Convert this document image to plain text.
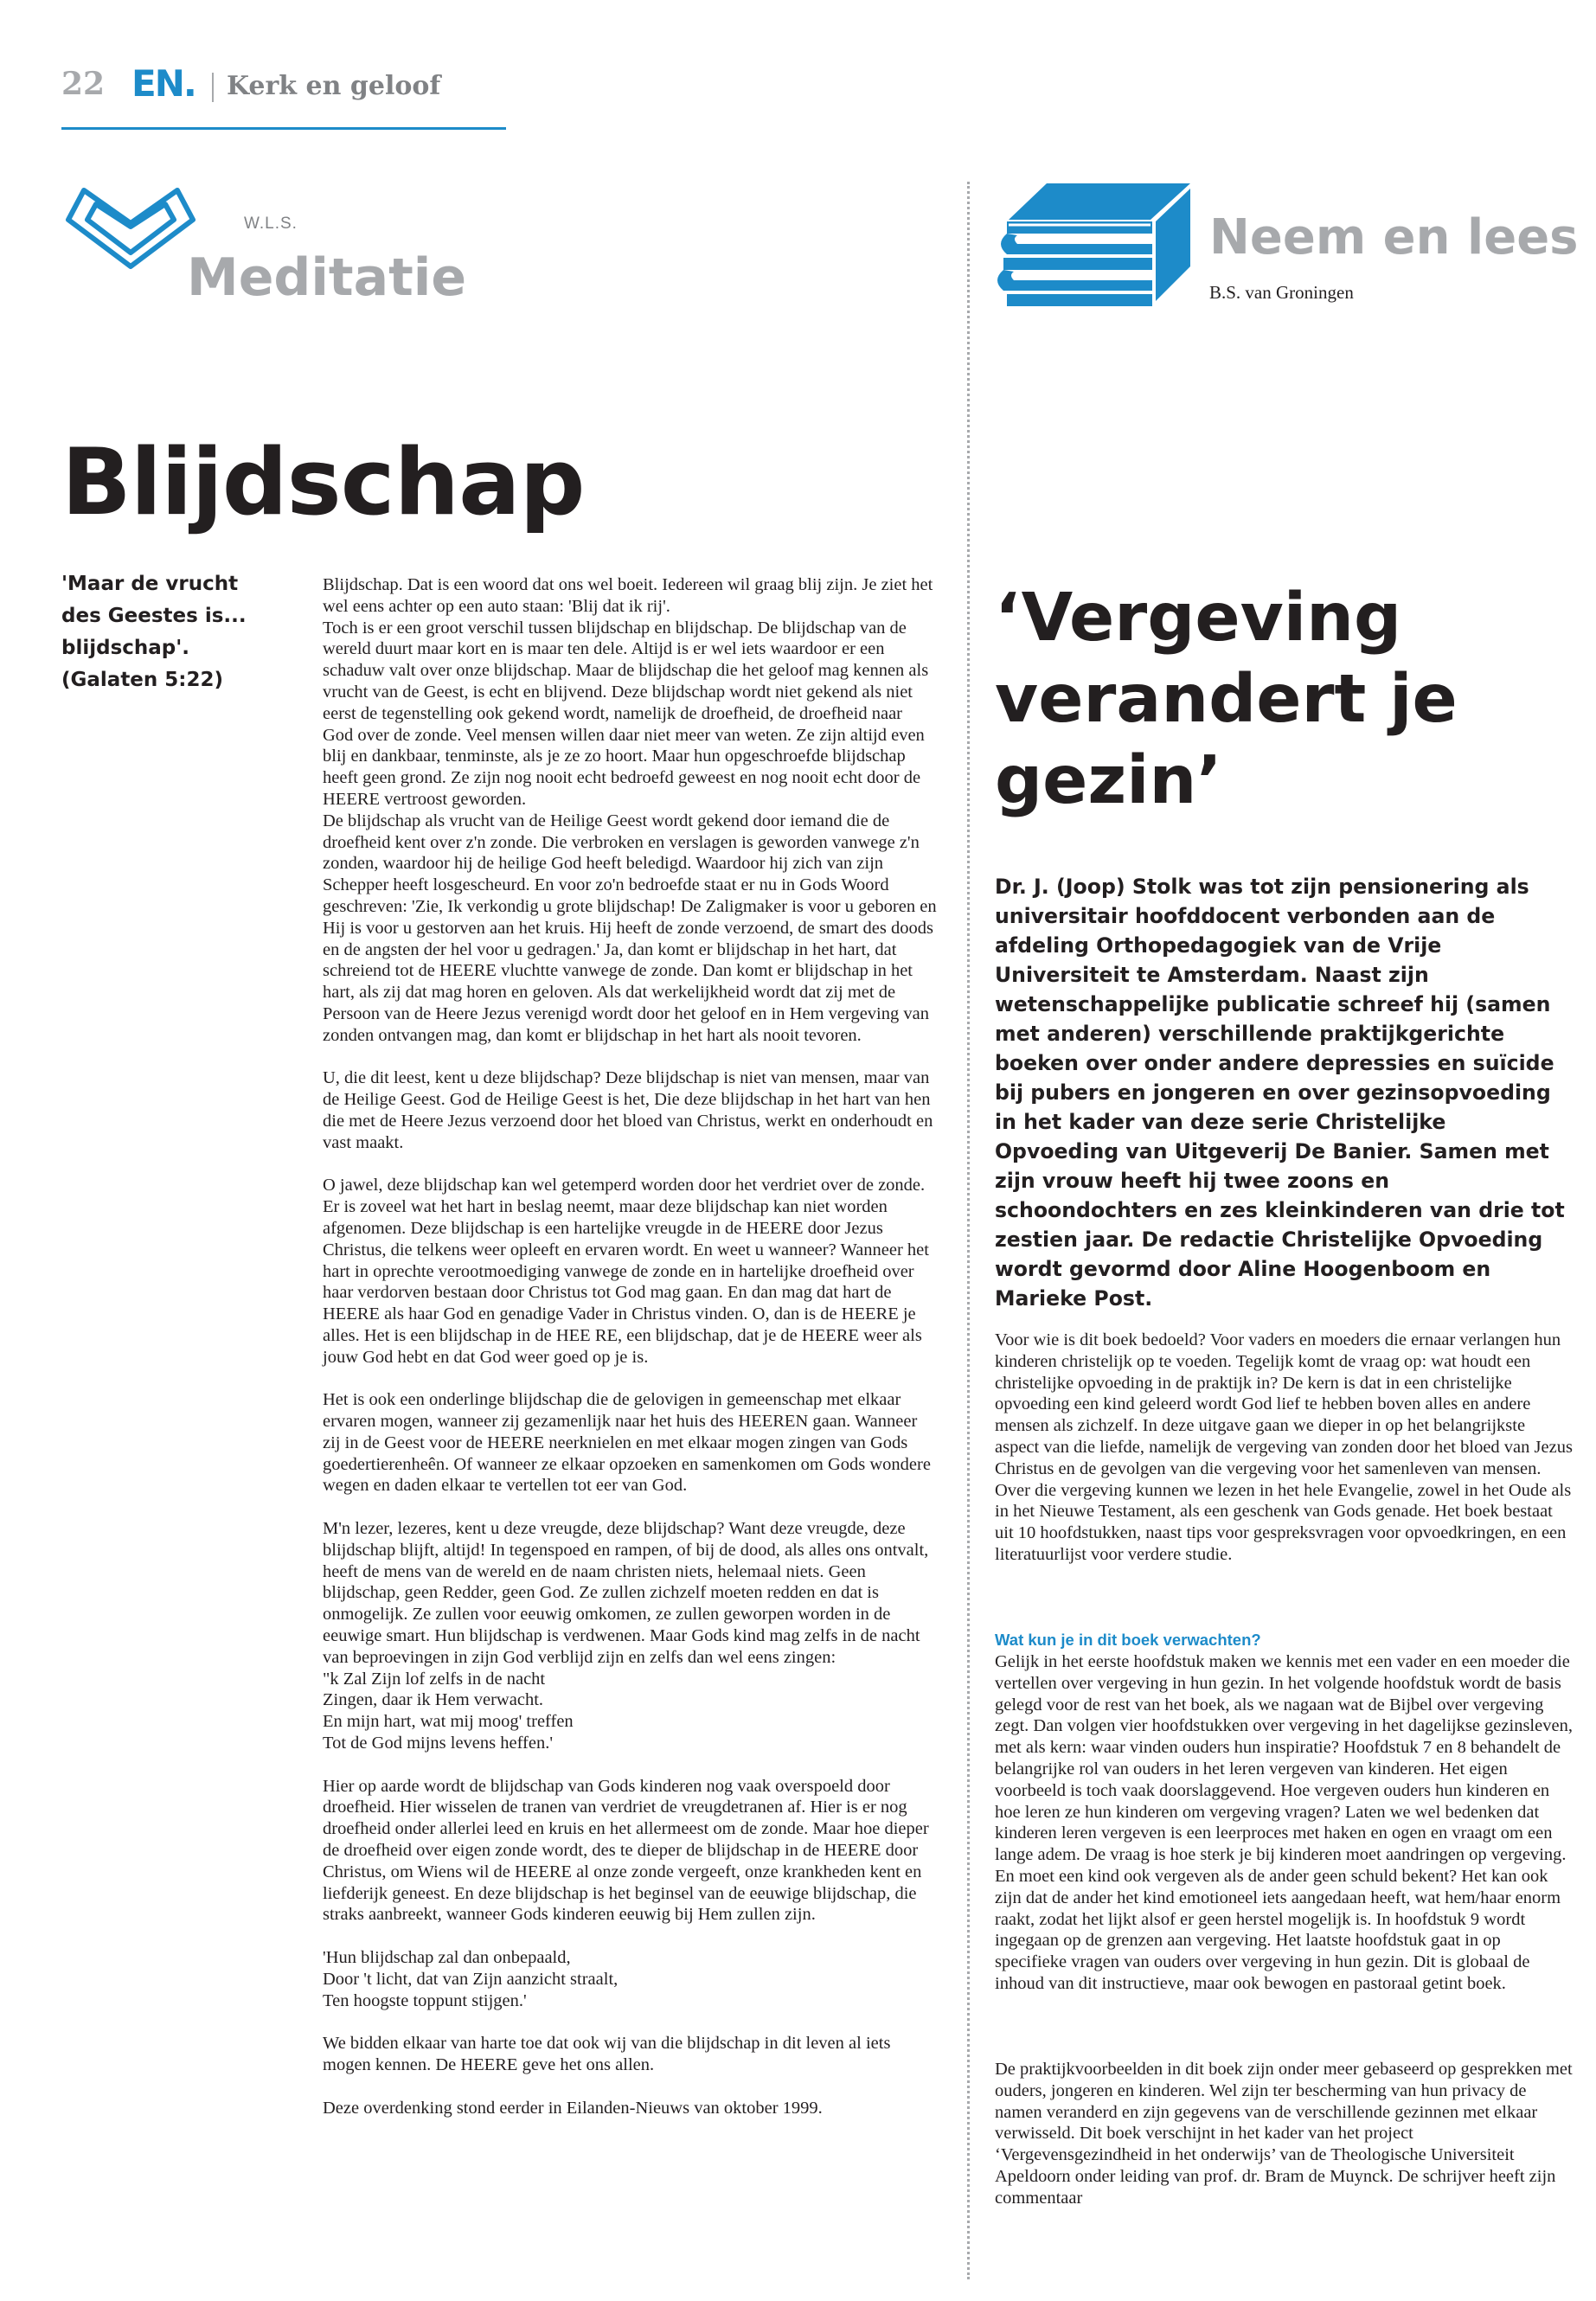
22 EN. Kerk en geloof
W.L.S.
Meditatie
Blijdschap
'Maar de vrucht des Geestes is... blijdschap'. (Galaten 5:22)

Blijdschap. Dat is een woord dat ons wel boeit. Iedereen wil graag blij zijn. Je ziet het wel eens achter op een auto staan: 'Blij dat ik rij'.
Toch is er een groot verschil tussen blijdschap en blijdschap. De blijdschap van de wereld duurt maar kort en is maar ten dele. Altijd is er wel iets waardoor er een schaduw valt over onze blijdschap. Maar de blijdschap die het geloof mag kennen als vrucht van de Geest, is echt en blijvend. Deze blijdschap wordt niet gekend als niet eerst de tegenstelling ook gekend wordt, namelijk de droefheid, de droefheid naar God over de zonde. Veel mensen willen daar niet meer van weten. Ze zijn altijd even blij en dankbaar, tenminste, als je ze zo hoort. Maar hun opgeschroefde blijdschap heeft geen grond. Ze zijn nog nooit echt bedroefd geweest en nog nooit echt door de HEERE vertroost geworden.
De blijdschap als vrucht van de Heilige Geest wordt gekend door iemand die de droefheid kent over z'n zonde. Die verbroken en verslagen is geworden vanwege z'n zonden, waardoor hij de heilige God heeft beledigd. Waardoor hij zich van zijn Schepper heeft losgescheurd. En voor zo'n bedroefde staat er nu in Gods Woord geschreven: 'Zie, Ik verkondig u grote blijdschap! De Zaligmaker is voor u geboren en Hij is voor u gestorven aan het kruis. Hij heeft de zonde verzoend, de smart des doods en de angsten der hel voor u gedragen.' Ja, dan komt er blijdschap in het hart, dat schreiend tot de HEERE vluchtte vanwege de zonde. Dan komt er blijdschap in het hart, als zij dat mag horen en geloven. Als dat werkelijkheid wordt dat zij met de Persoon van de Heere Jezus verenigd wordt door het geloof en in Hem vergeving van zonden ontvangen mag, dan komt er blijdschap in het hart als nooit tevoren.

U, die dit leest, kent u deze blijdschap? Deze blijdschap is niet van mensen, maar van de Heilige Geest. God de Heilige Geest is het, Die deze blijdschap in het hart van hen die met de Heere Jezus verzoend door het bloed van Christus, werkt en onderhoudt en vast maakt.

O jawel, deze blijdschap kan wel getemperd worden door het verdriet over de zonde. Er is zoveel wat het hart in beslag neemt, maar deze blijdschap kan niet worden afgenomen. Deze blijdschap is een hartelijke vreugde in de HEERE door Jezus Christus, die telkens weer opleeft en ervaren wordt. En weet u wanneer? Wanneer het hart in oprechte verootmoediging vanwege de zonde en in hartelijke droefheid over haar verdorven bestaan door Christus tot God mag gaan. En dan mag dat hart de HEERE als haar God en genadige Vader in Christus vinden. O, dan is de HEERE je alles. Het is een blijdschap in de HEE RE, een blijdschap, dat je de HEERE weer als jouw God hebt en dat God weer goed op je is.

Het is ook een onderlinge blijdschap die de gelovigen in gemeenschap met elkaar ervaren mogen, wanneer zij gezamenlijk naar het huis des HEEREN gaan. Wanneer zij in de Geest voor de HEERE neerknielen en met elkaar mogen zingen van Gods goedertierenheên. Of wanneer ze elkaar opzoeken en samenkomen om Gods wondere wegen en daden elkaar te vertellen tot eer van God.

M'n lezer, lezeres, kent u deze vreugde, deze blijdschap? Want deze vreugde, deze blijdschap blijft, altijd! In tegenspoed en rampen, of bij de dood, als alles ons ontvalt, heeft de mens van de wereld en de naam christen niets, helemaal niets. Geen blijdschap, geen Redder, geen God. Ze zullen zichzelf moeten redden en dat is onmogelijk. Ze zullen voor eeuwig omkomen, ze zullen geworpen worden in de eeuwige smart. Hun blijdschap is verdwenen. Maar Gods kind mag zelfs in de nacht van beproevingen in zijn God verblijd zijn en zelfs dan wel eens zingen:
"k Zal Zijn lof zelfs in de nacht
Zingen, daar ik Hem verwacht.
En mijn hart, wat mij moog' treffen
Tot de God mijns levens heffen.'

Hier op aarde wordt de blijdschap van Gods kinderen nog vaak overspoeld door droefheid. Hier wisselen de tranen van verdriet de vreugdetranen af. Hier is er nog droefheid onder allerlei leed en kruis en het allermeest om de zonde. Maar hoe dieper de droefheid over eigen zonde wordt, des te dieper de blijdschap in de HEERE door Christus, om Wiens wil de HEERE al onze zonde vergeeft, onze krankheden kent en liefderijk geneest. En deze blijdschap is het beginsel van de eeuwige blijdschap, die straks aanbreekt, wanneer Gods kinderen eeuwig bij Hem zullen zijn.

'Hun blijdschap zal dan onbepaald,
Door 't licht, dat van Zijn aanzicht straalt,
Ten hoogste toppunt stijgen.'

We bidden elkaar van harte toe dat ook wij van die blijdschap in dit leven al iets mogen kennen. De HEERE geve het ons allen.

Deze overdenking stond eerder in Eilanden-Nieuws van oktober 1999.

Neem en lees
B.S. van Groningen
‘Vergeving verandert je gezin’
Dr. J. (Joop) Stolk was tot zijn pensionering als universitair hoofddocent verbonden aan de afdeling Orthopedagogiek van de Vrije Universiteit te Amsterdam. Naast zijn wetenschappelijke publicatie schreef hij (samen met anderen) verschillende praktijkgerichte boeken over onder andere depressies en suïcide bij pubers en jongeren en over gezinsopvoeding in het kader van deze serie Christelijke Opvoeding van Uitgeverij De Banier. Samen met zijn vrouw heeft hij twee zoons en schoondochters en zes kleinkinderen van drie tot zestien jaar. De redactie Christelijke Opvoeding wordt gevormd door Aline Hoogenboom en Marieke Post.

Voor wie is dit boek bedoeld? Voor vaders en moeders die ernaar verlangen hun kinderen christelijk op te voeden. Tegelijk komt de vraag op: wat houdt een christelijke opvoeding in de praktijk in? De kern is dat in een christelijke opvoeding een kind geleerd wordt God lief te hebben boven alles en andere mensen als zichzelf. In deze uitgave gaan we dieper in op het belangrijkste aspect van die liefde, namelijk de vergeving van zonden door het bloed van Jezus Christus en de gevolgen van die vergeving voor het samenleven van mensen. Over die vergeving kunnen we lezen in het hele Evangelie, zowel in het Oude als in het Nieuwe Testament, als een geschenk van Gods genade. Het boek bestaat uit 10 hoofdstukken, naast tips voor gespreksvragen voor opvoedkringen, en een literatuurlijst voor verdere studie.

Wat kun je in dit boek verwachten?

Gelijk in het eerste hoofdstuk maken we kennis met een vader en een moeder die vertellen over vergeving in hun gezin. In het volgende hoofdstuk wordt de basis gelegd voor de rest van het boek, als we nagaan wat de Bijbel over vergeving zegt. Dan volgen vier hoofdstukken over vergeving in het dagelijkse gezinsleven, met als kern: waar vinden ouders hun inspiratie? Hoofdstuk 7 en 8 behandelt de belangrijke rol van ouders in het leren vergeven van kinderen. Het eigen voorbeeld is toch vaak doorslaggevend. Hoe vergeven ouders hun kinderen en hoe leren ze hun kinderen om vergeving vragen? Laten we wel bedenken dat kinderen leren vergeven is een leerproces met haken en ogen en vraagt om een lange adem. De vraag is hoe sterk je bij kinderen moet aandringen op vergeving. En moet een kind ook vergeven als de ander geen schuld bekent? Het kan ook zijn dat de ander het kind emotioneel iets aangedaan heeft, wat hem/haar enorm raakt, zodat het lijkt alsof er geen herstel mogelijk is. In hoofdstuk 9 wordt ingegaan op de grenzen aan vergeving. Het laatste hoofdstuk gaat in op specifieke vragen van ouders over vergeving in hun gezin. Dit is globaal de inhoud van dit instructieve, maar ook bewogen en pastoraal getint boek.

De praktijkvoorbeelden in dit boek zijn onder meer gebaseerd op gesprekken met ouders, jongeren en kinderen. Wel zijn ter bescherming van hun privacy de namen veranderd en zijn gegevens van de verschillende gezinnen met elkaar verwisseld. Dit boek verschijnt in het kader van het project ‘Vergevensgezindheid in het onderwijs’ van de Theologische Universiteit Apeldoorn onder leiding van prof. dr. Bram de Muynck. De schrijver heeft zijn commentaar
